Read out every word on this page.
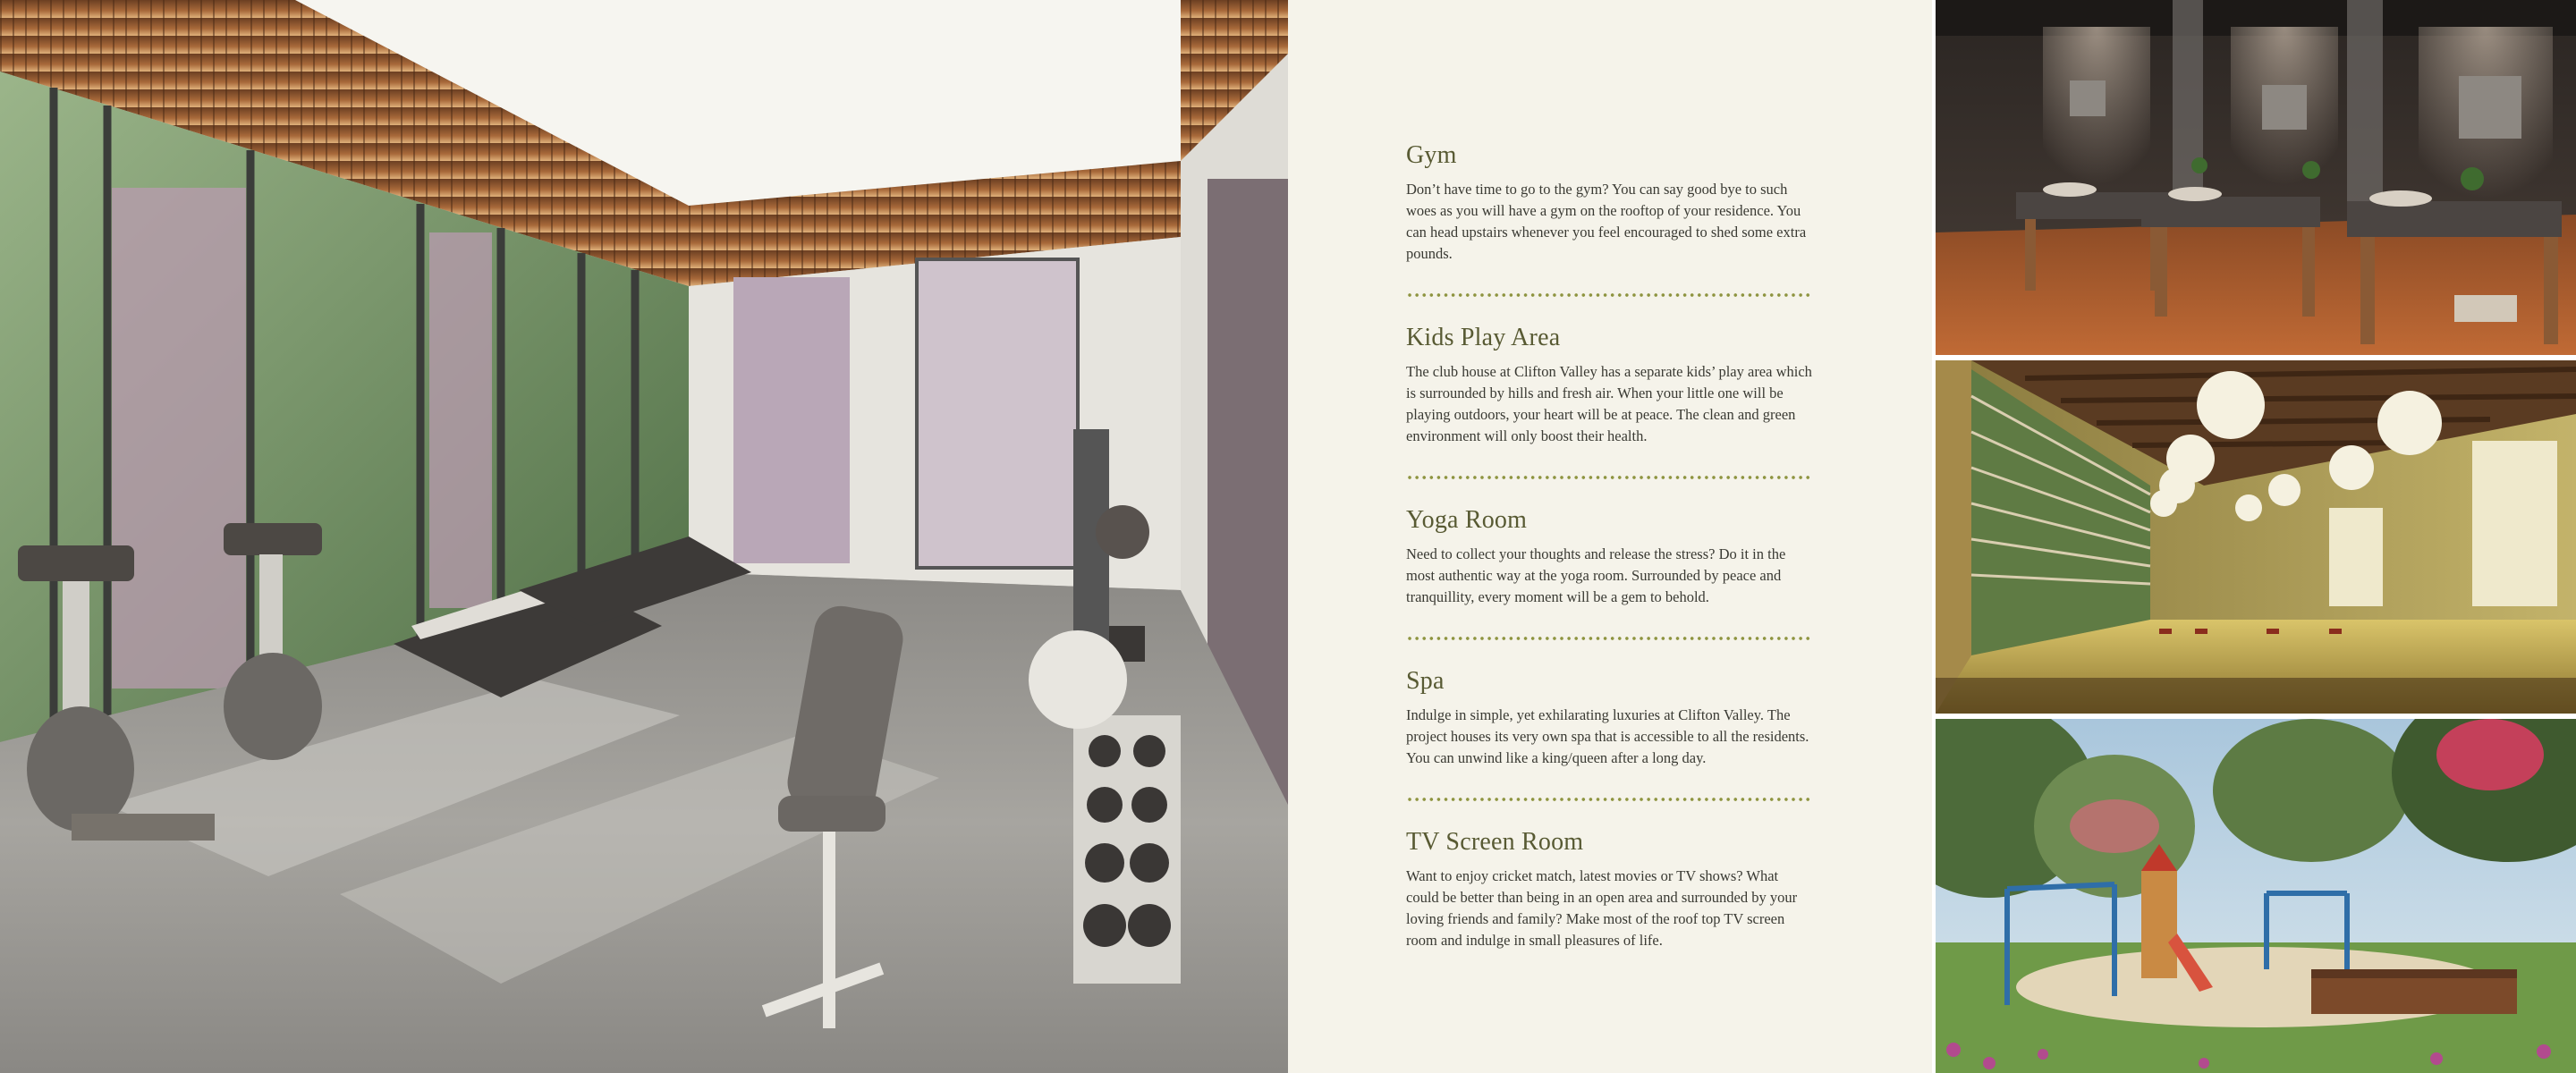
Gym

Don’t have time to go to the gym? You can say good bye to such woes as you will have a gym on the rooftop of your residence. You can head upstairs whenever you feel encouraged to shed some extra pounds.

Kids Play Area

The club house at Clifton Valley has a separate kids’ play area which is surrounded by hills and fresh air. When your little one will be playing outdoors, your heart will be at peace. The clean and green environment will only boost their health.

Yoga Room

Need to collect your thoughts and release the stress? Do it in the most authentic way at the yoga room. Surrounded by peace and tranquillity, every moment will be a gem to behold.

Spa

Indulge in simple, yet exhilarating luxuries at Clifton Valley. The project houses its very own spa that is accessible to all the residents. You can unwind like a king/queen after a long day.

TV Screen Room

Want to enjoy cricket match, latest movies or TV shows? What could be better than being in an open area and surrounded by your loving friends and family? Make most of the roof top TV screen room and indulge in small pleasures of life.
